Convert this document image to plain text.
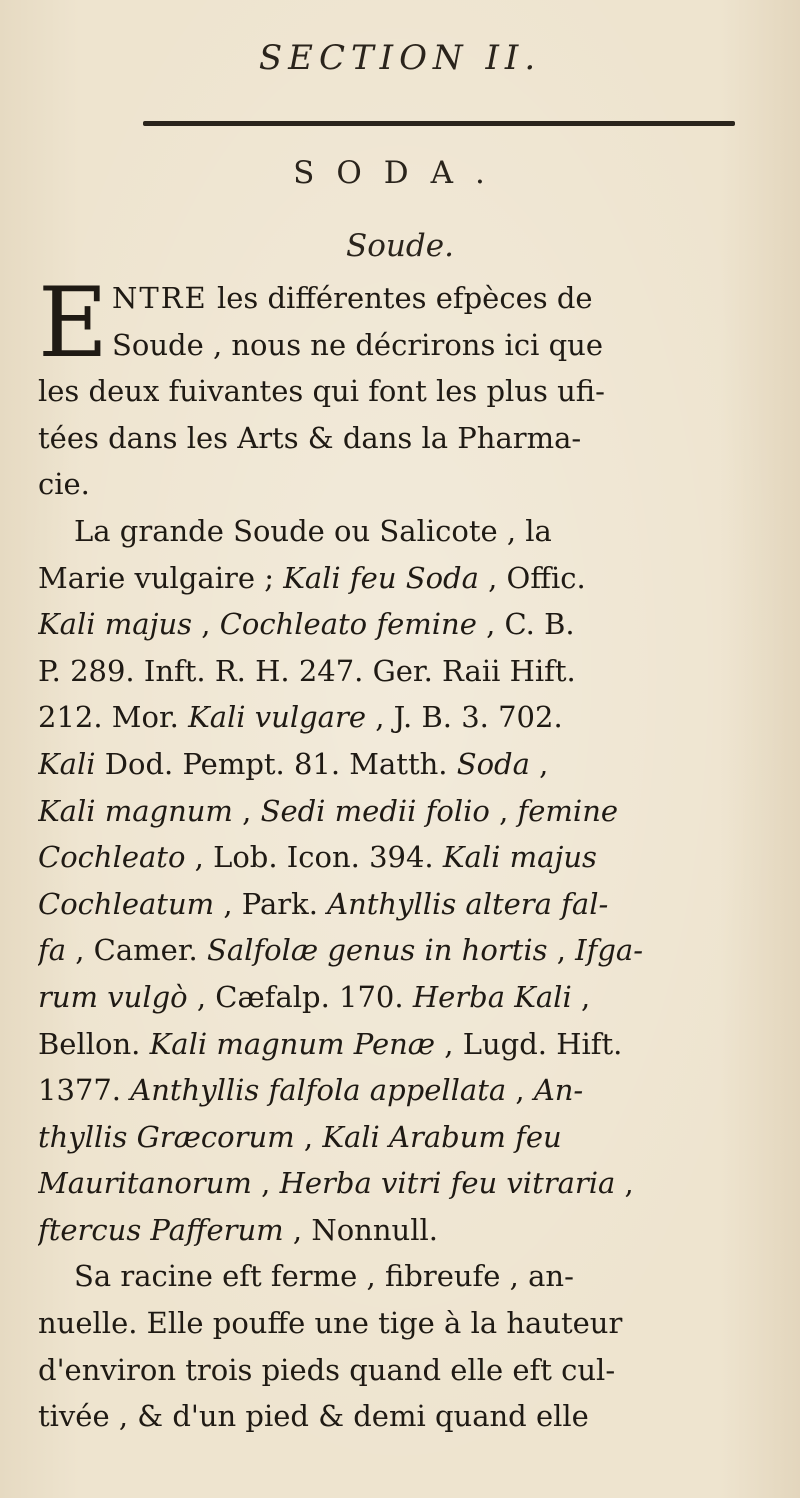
SECTION II.
SODA.
Soude.
E NTRE les différentes efpèces de
Soude , nous ne décrirons ici que
les deux fuivantes qui font les plus ufi-
tées dans les Arts & dans la Pharma-
cie.
La grande Soude ou Salicote , la
Marie vulgaire ; Kali feu Soda , Offic.
Kali majus , Cochleato femine , C. B.
P. 289. Inft. R. H. 247. Ger. Raii Hift.
212. Mor. Kali vulgare , J. B. 3. 702.
Kali Dod. Pempt. 81. Matth. Soda ,
Kali magnum , Sedi medii folio , femine
Cochleato , Lob. Icon. 394. Kali majus
Cochleatum , Park. Anthyllis altera fal-
fa , Camer. Salfolæ genus in hortis , Ifga-
rum vulgò , Cæfalp. 170. Herba Kali ,
Bellon. Kali magnum Penæ , Lugd. Hift.
1377. Anthyllis falfola appellata , An-
thyllis Græcorum , Kali Arabum feu
Mauritanorum , Herba vitri feu vitraria ,
ftercus Pafferum , Nonnull.
Sa racine eft ferme , fibreufe , an-
nuelle. Elle pouffe une tige à la hauteur
d'environ trois pieds quand elle eft cul-
tivée , & d'un pied & demi quand elle
